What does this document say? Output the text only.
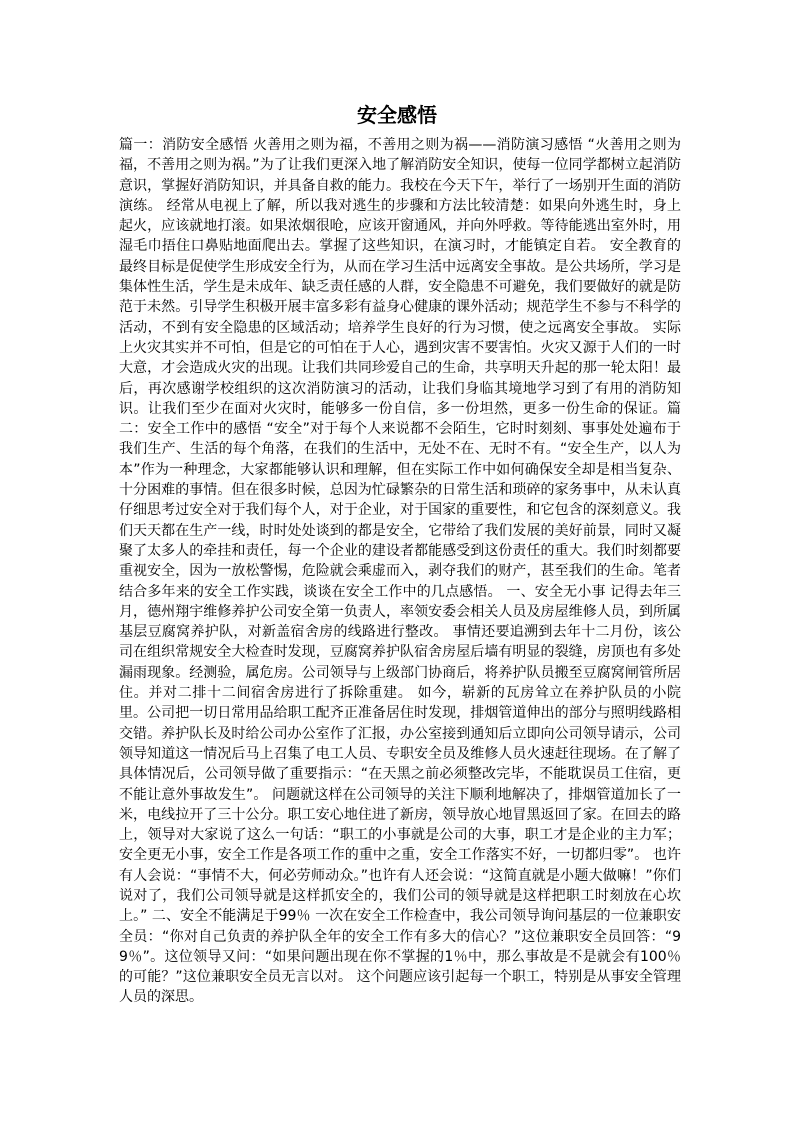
安全感悟

篇一：消防安全感悟 火善用之则为福，不善用之则为祸——消防演习感悟 “火善用之则为福，不善用之则为祸。”为了让我们更深入地了解消防安全知识，使每一位同学都树立起消防意识，掌握好消防知识，并具备自救的能力。我校在今天下午，举行了一场别开生面的消防演练。 经常从电视上了解，所以我对逃生的步骤和方法比较清楚：如果向外逃生时，身上起火，应该就地打滚。如果浓烟很呛，应该开窗通风，并向外呼救。等待能逃出室外时，用湿毛巾捂住口鼻贴地面爬出去。掌握了这些知识，在演习时，才能镇定自若。 安全教育的最终目标是促使学生形成安全行为，从而在学习生活中远离安全事故。是公共场所，学习是集体性生活，学生是未成年、缺乏责任感的人群，安全隐患不可避免，我们要做好的就是防范于未然。引导学生积极开展丰富多彩有益身心健康的课外活动；规范学生不参与不科学的活动，不到有安全隐患的区域活动；培养学生良好的行为习惯，使之远离安全事故。 实际上火灾其实并不可怕，但是它的可怕在于人心，遇到灾害不要害怕。火灾又源于人们的一时大意，才会造成火灾的出现。让我们共同珍爱自己的生命，共享明天升起的那一轮太阳！最后，再次感谢学校组织的这次消防演习的活动，让我们身临其境地学习到了有用的消防知识。让我们至少在面对火灾时，能够多一份自信，多一份坦然，更多一份生命的保证。篇二：安全工作中的感悟 “安全”对于每个人来说都不会陌生，它时时刻刻、事事处处遍布于我们生产、生活的每个角落，在我们的生活中，无处不在、无时不有。“安全生产，以人为本”作为一种理念，大家都能够认识和理解，但在实际工作中如何确保安全却是相当复杂、十分困难的事情。但在很多时候，总因为忙碌繁杂的日常生活和琐碎的家务事中，从未认真仔细思考过安全对于我们每个人，对于企业，对于国家的重要性，和它包含的深刻意义。我们天天都在生产一线，时时处处谈到的都是安全，它带给了我们发展的美好前景，同时又凝聚了太多人的牵挂和责任，每一个企业的建设者都能感受到这份责任的重大。我们时刻都要重视安全，因为一放松警惕，危险就会乘虚而入，剥夺我们的财产，甚至我们的生命。笔者结合多年来的安全工作实践，谈谈在安全工作中的几点感悟。 一、安全无小事 记得去年三月，德州翔宇维修养护公司安全第一负责人，率领安委会相关人员及房屋维修人员，到所属基层豆腐窝养护队，对新盖宿舍房的线路进行整改。 事情还要追溯到去年十二月份，该公司在组织常规安全大检查时发现，豆腐窝养护队宿舍房屋后墙有明显的裂缝，房顶也有多处漏雨现象。经测验，属危房。公司领导与上级部门协商后，将养护队员搬至豆腐窝闸管所居住。并对二排十二间宿舍房进行了拆除重建。 如今，崭新的瓦房耸立在养护队员的小院里。公司把一切日常用品给职工配齐正准备居住时发现，排烟管道伸出的部分与照明线路相交错。养护队长及时给公司办公室作了汇报，办公室接到通知后立即向公司领导请示，公司领导知道这一情况后马上召集了电工人员、专职安全员及维修人员火速赶往现场。在了解了具体情况后，公司领导做了重要指示：“在天黑之前必须整改完毕，不能耽误员工住宿，更不能让意外事故发生”。 问题就这样在公司领导的关注下顺利地解决了，排烟管道加长了一米，电线拉开了三十公分。职工安心地住进了新房，领导放心地冒黑返回了家。在回去的路上，领导对大家说了这么一句话：“职工的小事就是公司的大事，职工才是企业的主力军；安全更无小事，安全工作是各项工作的重中之重，安全工作落实不好，一切都归零”。 也许有人会说：“事情不大，何必劳师动众。”也许有人还会说：“这简直就是小题大做嘛！”你们说对了，我们公司领导就是这样抓安全的，我们公司的领导就是这样把职工时刻放在心坎上。” 二、安全不能满足于99％ 一次在安全工作检查中，我公司领导询问基层的一位兼职安全员：“你对自己负责的养护队全年的安全工作有多大的信心？”这位兼职安全员回答：“99％”。这位领导又问：“如果问题出现在你不掌握的1％中，那么事故是不是就会有100％的可能？”这位兼职安全员无言以对。 这个问题应该引起每一个职工，特别是从事安全管理人员的深思。
